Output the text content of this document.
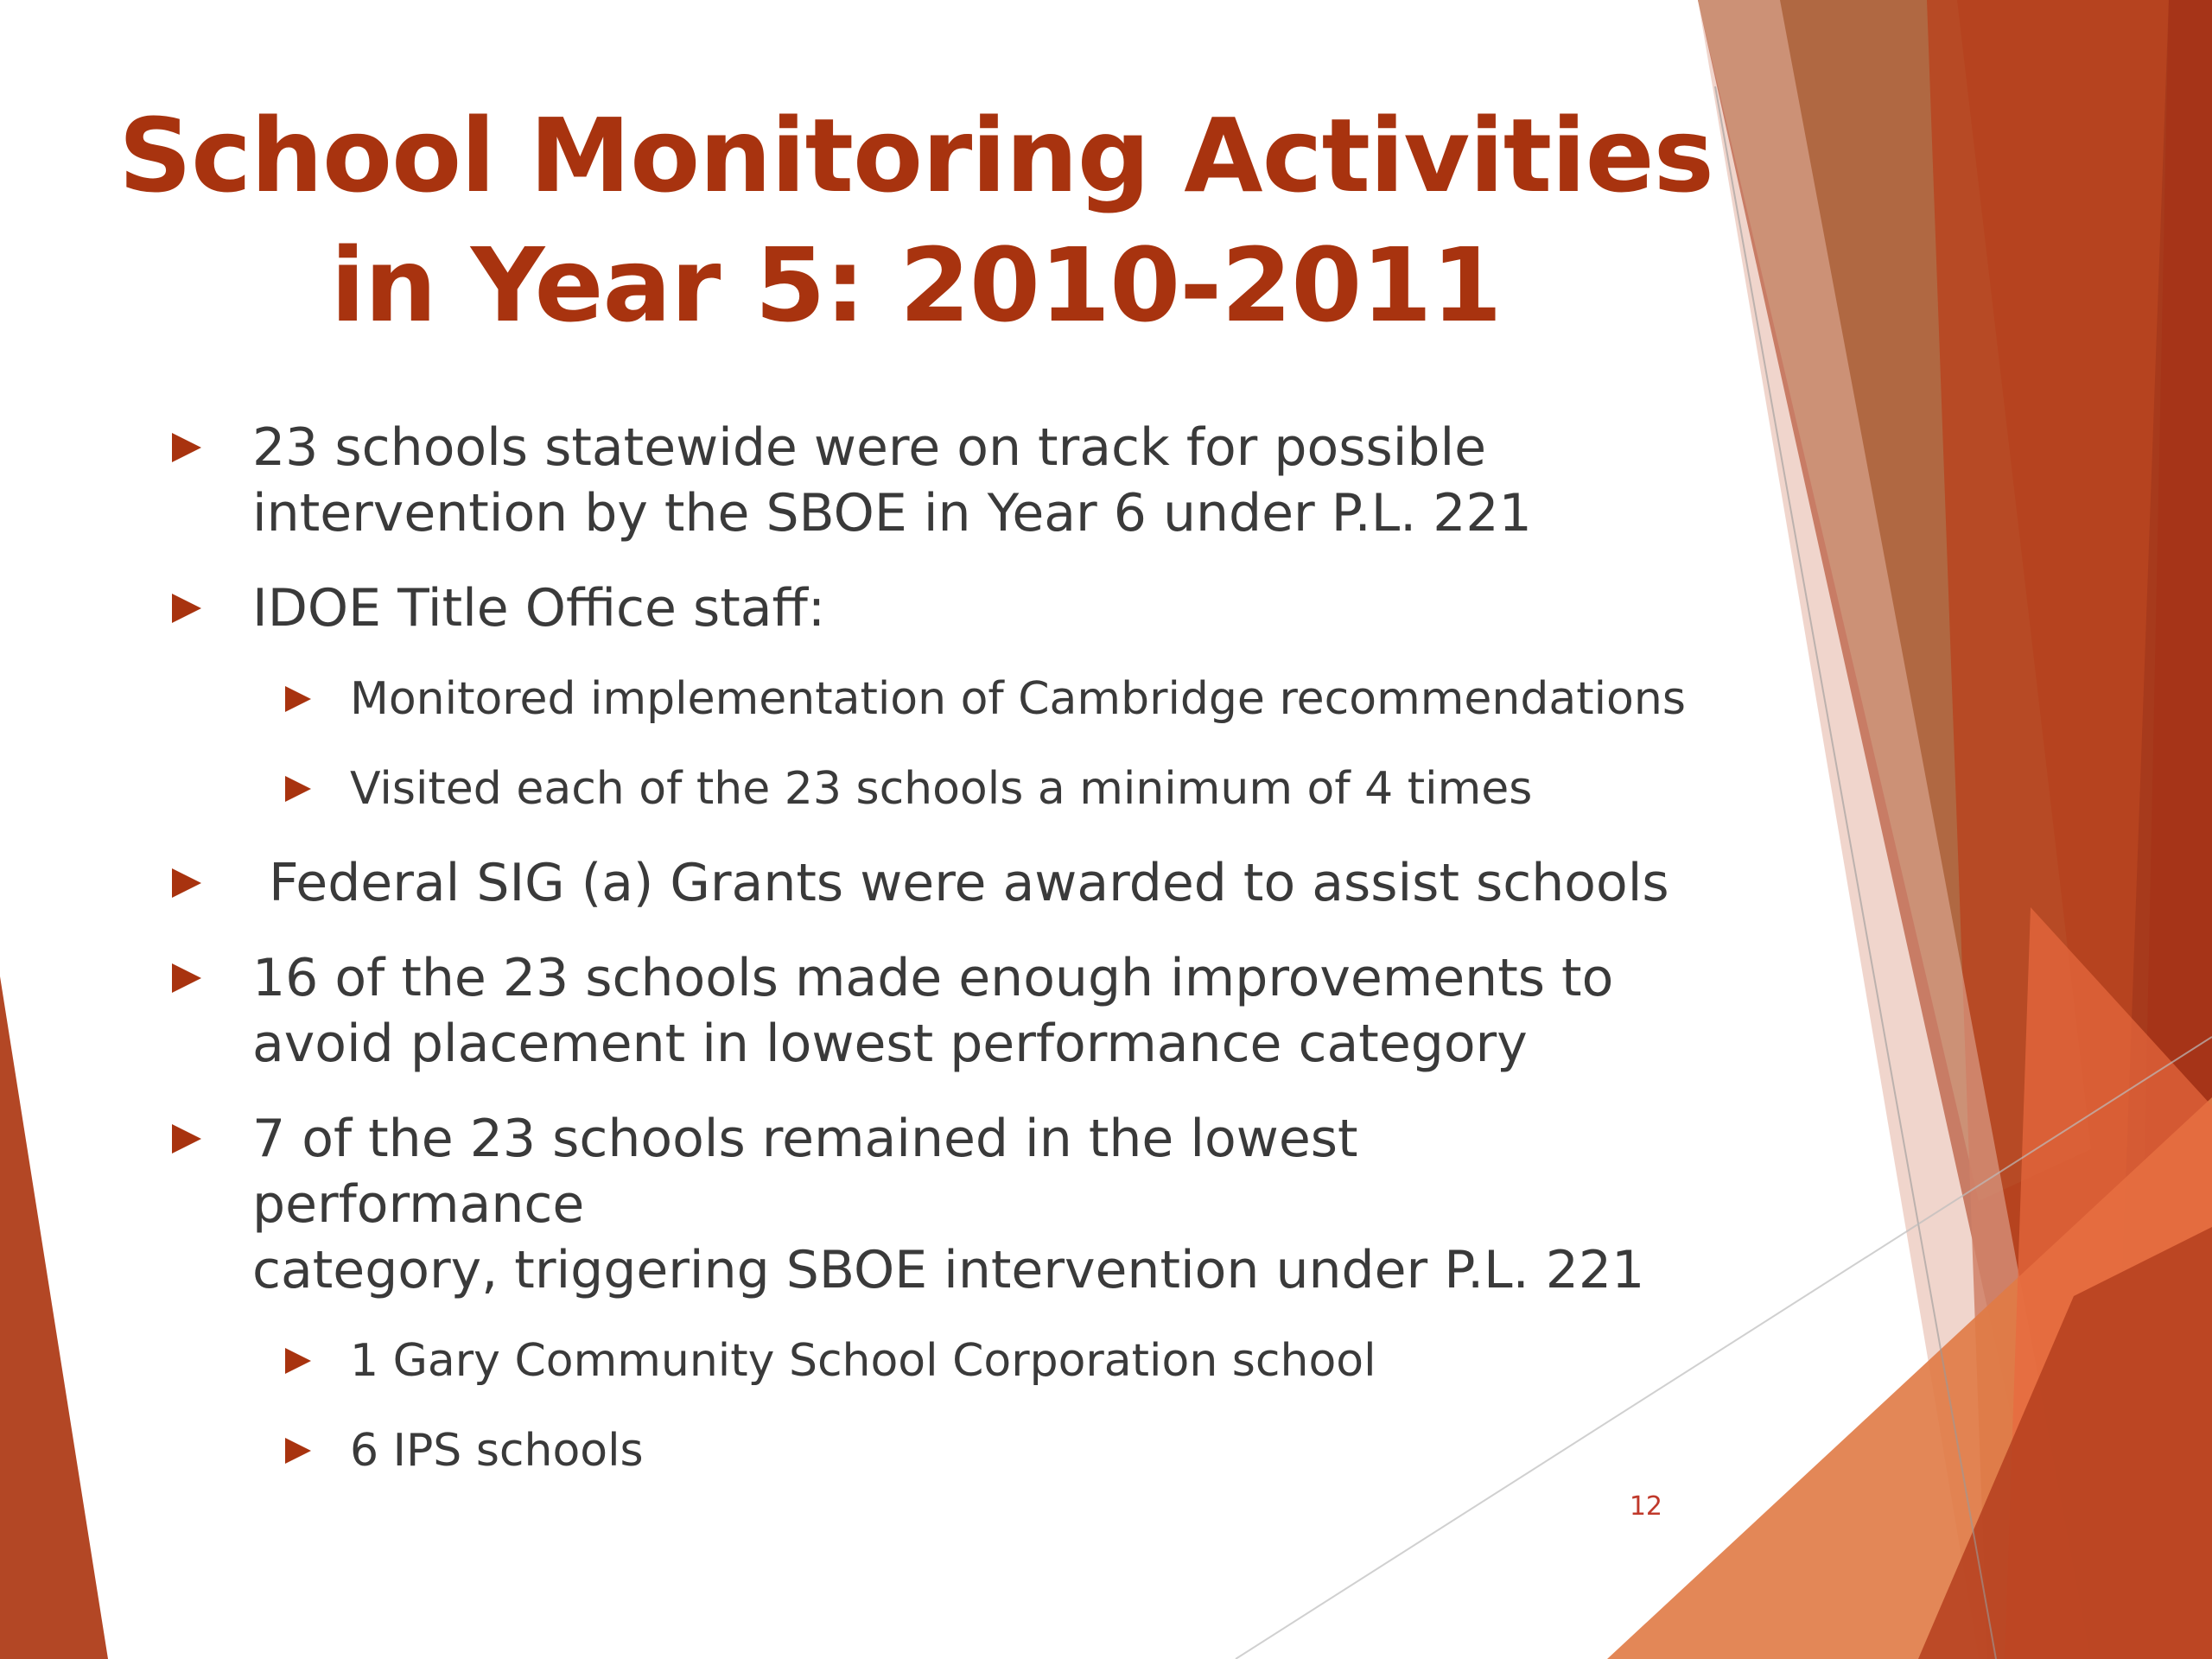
School Monitoring Activities
in Year 5: 2010-2011
23 schools statewide were on track for possible
intervention by the SBOE in Year 6 under P.L. 221
IDOE Title Office staff:
Monitored implementation of Cambridge recommendations
Visited each of the 23 schools a minimum of 4 times
Federal SIG (a) Grants were awarded to assist schools
16 of the 23 schools made enough improvements to
avoid placement in lowest performance category
7 of the 23 schools remained in the lowest performance
category, triggering SBOE intervention under P.L. 221
1 Gary Community School Corporation school
6 IPS schools
12
